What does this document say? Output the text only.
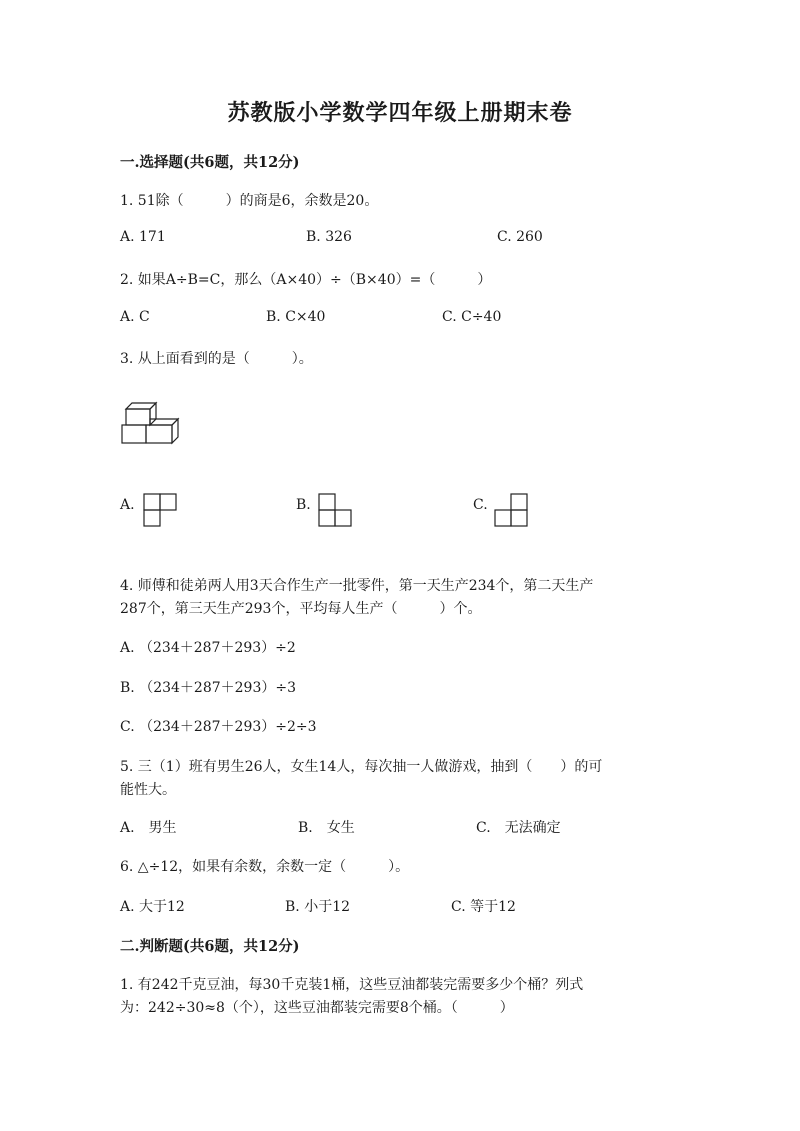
苏教版小学数学四年级上册期末卷
一.选择题(共6题，共12分)
1. 51除（　　　）的商是6，余数是20。
A. 171	B. 326	C. 260
2. 如果A÷B=C，那么（A×40）÷（B×40）=（　　　）
A. C	B. C×40	C. C÷40
3. 从上面看到的是（　　　）。
A.	B.	C.
4. 师傅和徒弟两人用3天合作生产一批零件，第一天生产234个，第二天生产
287个，第三天生产293个，平均每人生产（　　　）个。
A. （234＋287＋293）÷2
B. （234＋287＋293）÷3
C. （234＋287＋293）÷2÷3
5. 三（1）班有男生26人，女生14人，每次抽一人做游戏，抽到（　　）的可
能性大。
A.　男生	B.　女生	C.　无法确定
6. △÷12，如果有余数，余数一定（　　　）。
A. 大于12	B. 小于12	C. 等于12
二.判断题(共6题，共12分)
1. 有242千克豆油，每30千克装1桶，这些豆油都装完需要多少个桶？列式
为：242÷30≈8（个），这些豆油都装完需要8个桶。（　　　）
